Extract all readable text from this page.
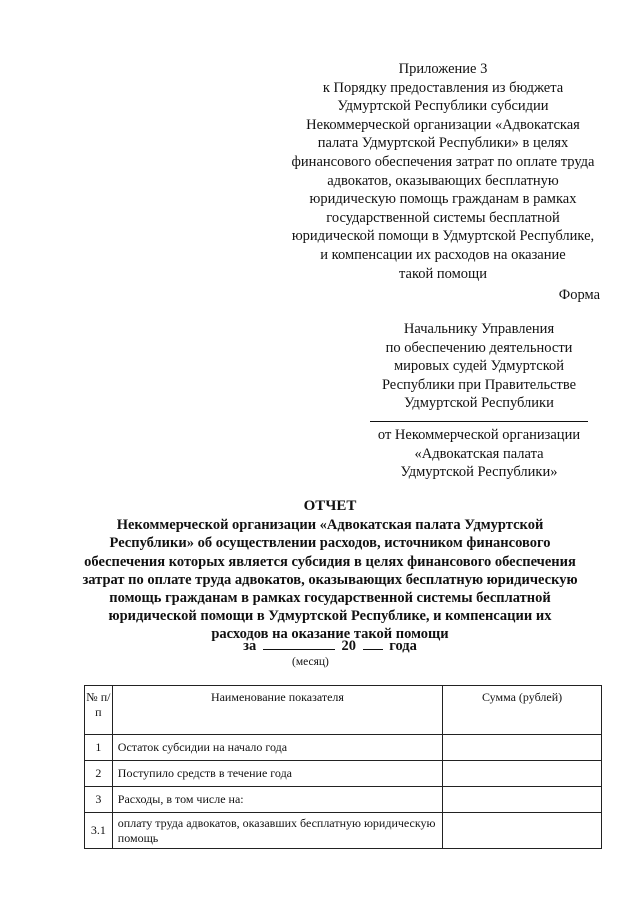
Приложение 3
к Порядку предоставления из бюджета
Удмуртской Республики субсидии
Некоммерческой организации «Адвокатская
палата Удмуртской Республики» в целях
финансового обеспечения затрат по оплате труда
адвокатов, оказывающих бесплатную
юридическую помощь гражданам в рамках
государственной системы бесплатной
юридической помощи в Удмуртской Республике,
и компенсации их расходов на оказание
такой помощи
Форма
Начальнику Управления
по обеспечению деятельности
мировых судей Удмуртской
Республики при Правительстве
Удмуртской Республики
от Некоммерческой организации
«Адвокатская палата
Удмуртской Республики»
ОТЧЕТ
Некоммерческой организации «Адвокатская палата Удмуртской
Республики» об осуществлении расходов, источником финансового
обеспечения которых является субсидия в целях финансового обеспечения
затрат по оплате труда адвокатов, оказывающих бесплатную юридическую
помощь гражданам в рамках государственной системы бесплатной
юридической помощи в Удмуртской Республике, и компенсации их
расходов на оказание такой помощи
за	20 года
(месяц)
№ п/п	Наименование показателя	Сумма (рублей)
1	Остаток субсидии на начало года	
2	Поступило средств в течение года	
3	Расходы, в том числе на:	
3.1	оплату труда адвокатов, оказавших бесплатную юридическую помощь	
